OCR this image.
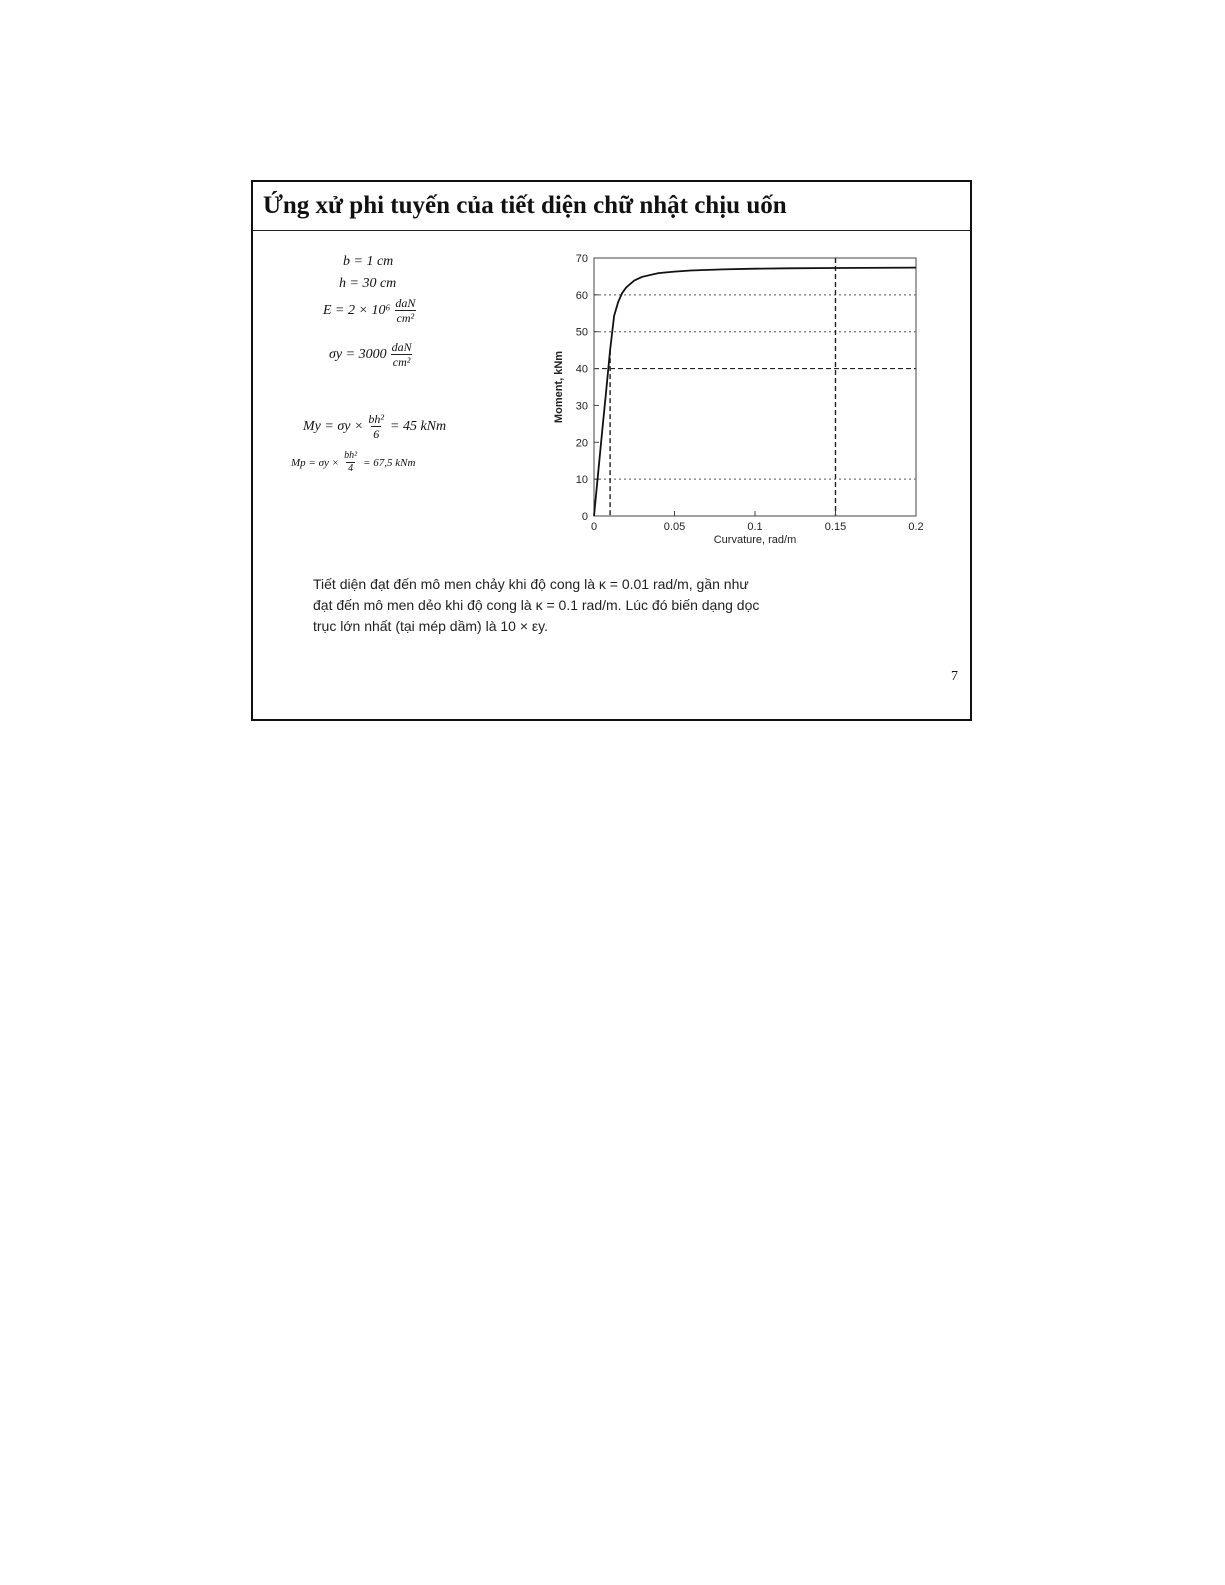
Ứng xử phi tuyến của tiết diện chữ nhật chịu uốn
b = 1 cm
h = 30 cm
$E = 2 \times 10^6 \frac{\text{daN}}{\text{cm²}}$
$\sigma y = 3000 \frac{\text{daN}}{\text{cm²}}$
$My = \sigma y \times \frac{\text{bh²}}{6} = 45$ kNm
$Mp = \sigma y \times \frac{\text{bh²}}{4} = 67,5$ kNm
0	0.05	0.1	0.15	0.2
0
10
20
30
40
50
60
70
Curvature, rad/m
Moment, kNm

Tiết diện đạt đến mô men chảy khi độ cong là κ = 0.01 rad/m, gần như

đạt đến mô men dẻo khi độ cong là κ = 0.1 rad/m. Lúc đó biến dạng dọc

trục lớn nhất (tại mép dầm) là 10 × εy.

7
